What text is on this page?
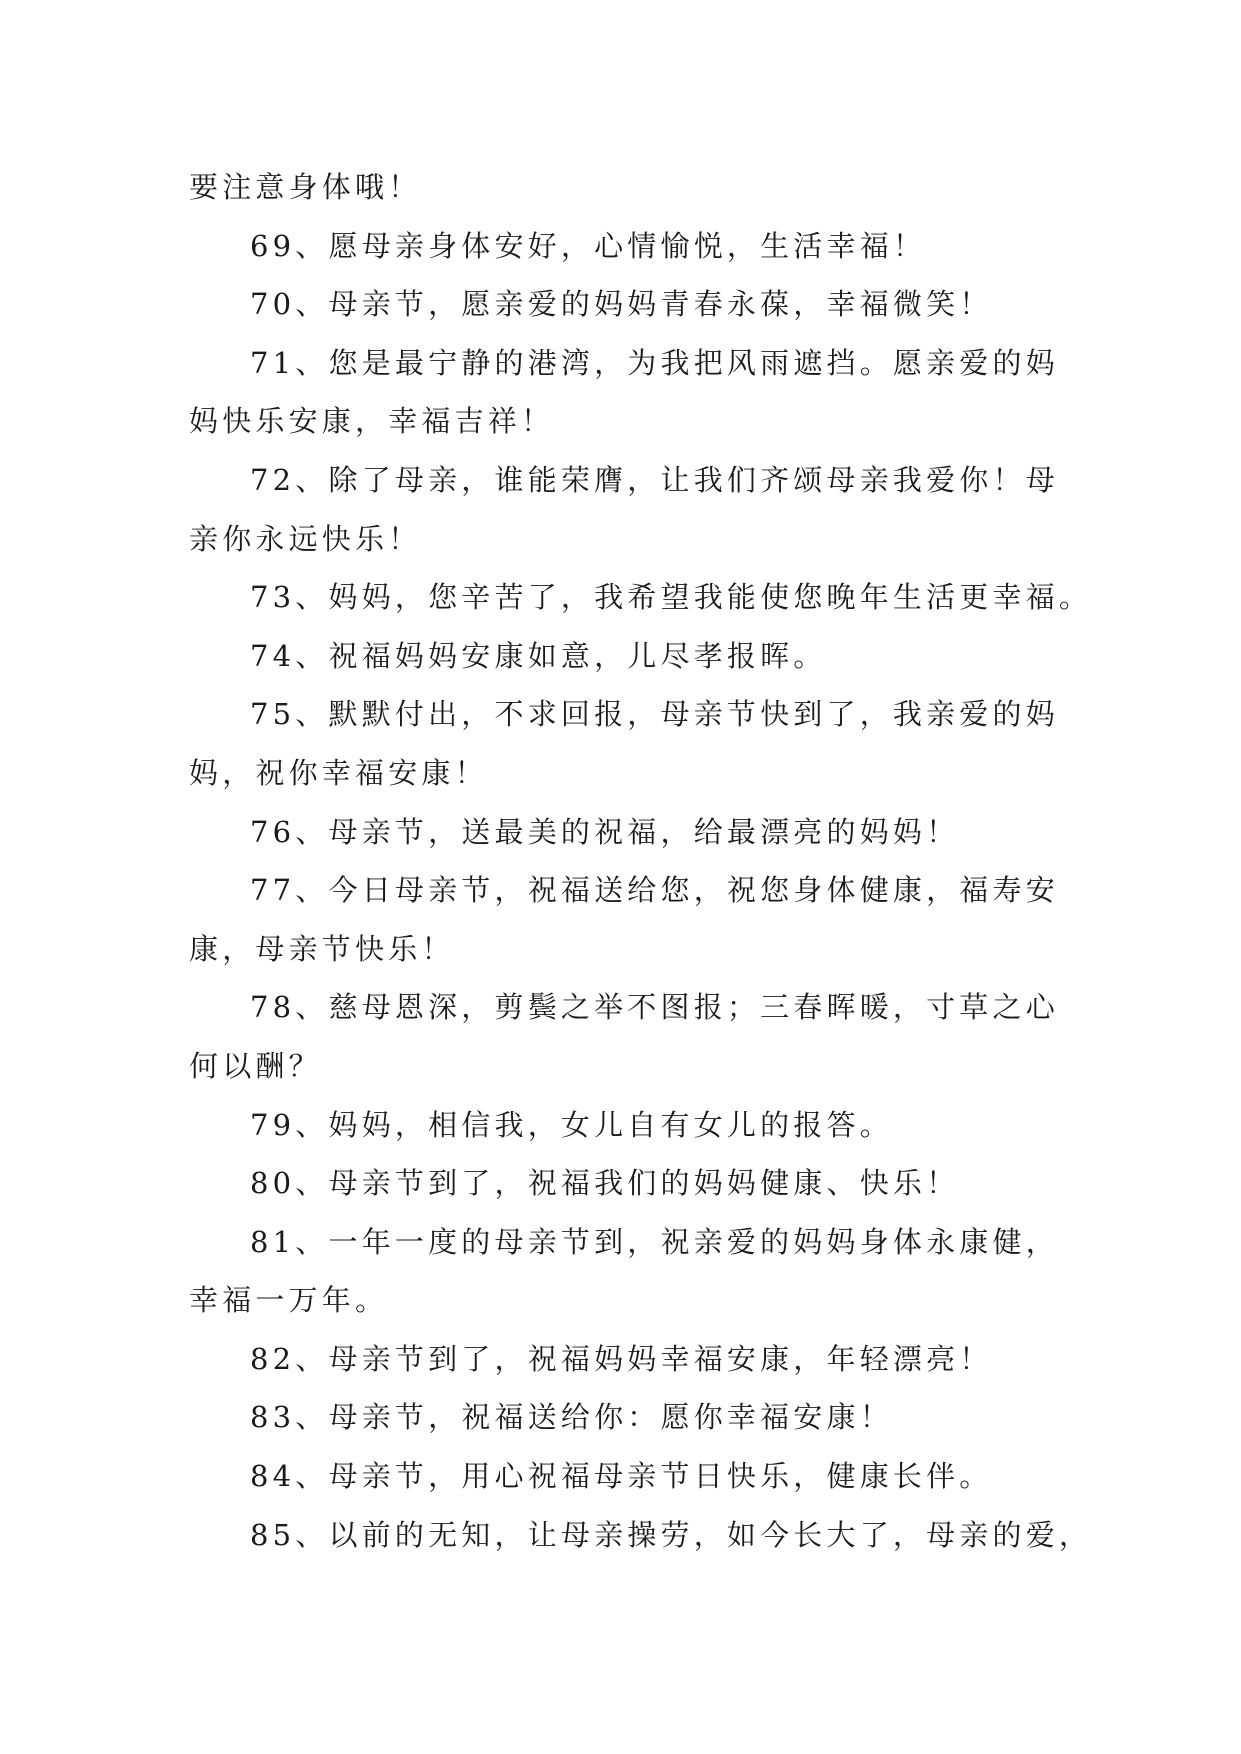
要注意身体哦！
69、愿母亲身体安好，心情愉悦，生活幸福！
70、母亲节，愿亲爱的妈妈青春永葆，幸福微笑！
71、您是最宁静的港湾，为我把风雨遮挡。愿亲爱的妈
妈快乐安康，幸福吉祥！
72、除了母亲，谁能荣膺，让我们齐颂母亲我爱你！母
亲你永远快乐！
73、妈妈，您辛苦了，我希望我能使您晚年生活更幸福。
74、祝福妈妈安康如意，儿尽孝报晖。
75、默默付出，不求回报，母亲节快到了，我亲爱的妈
妈，祝你幸福安康！
76、母亲节，送最美的祝福，给最漂亮的妈妈！
77、今日母亲节，祝福送给您，祝您身体健康，福寿安
康，母亲节快乐！
78、慈母恩深，剪鬓之举不图报；三春晖暖，寸草之心
何以酬？
79、妈妈，相信我，女儿自有女儿的报答。
80、母亲节到了，祝福我们的妈妈健康、快乐！
81、一年一度的母亲节到，祝亲爱的妈妈身体永康健，
幸福一万年。
82、母亲节到了，祝福妈妈幸福安康，年轻漂亮！
83、母亲节，祝福送给你：愿你幸福安康！
84、母亲节，用心祝福母亲节日快乐，健康长伴。
85、以前的无知，让母亲操劳，如今长大了，母亲的爱，
